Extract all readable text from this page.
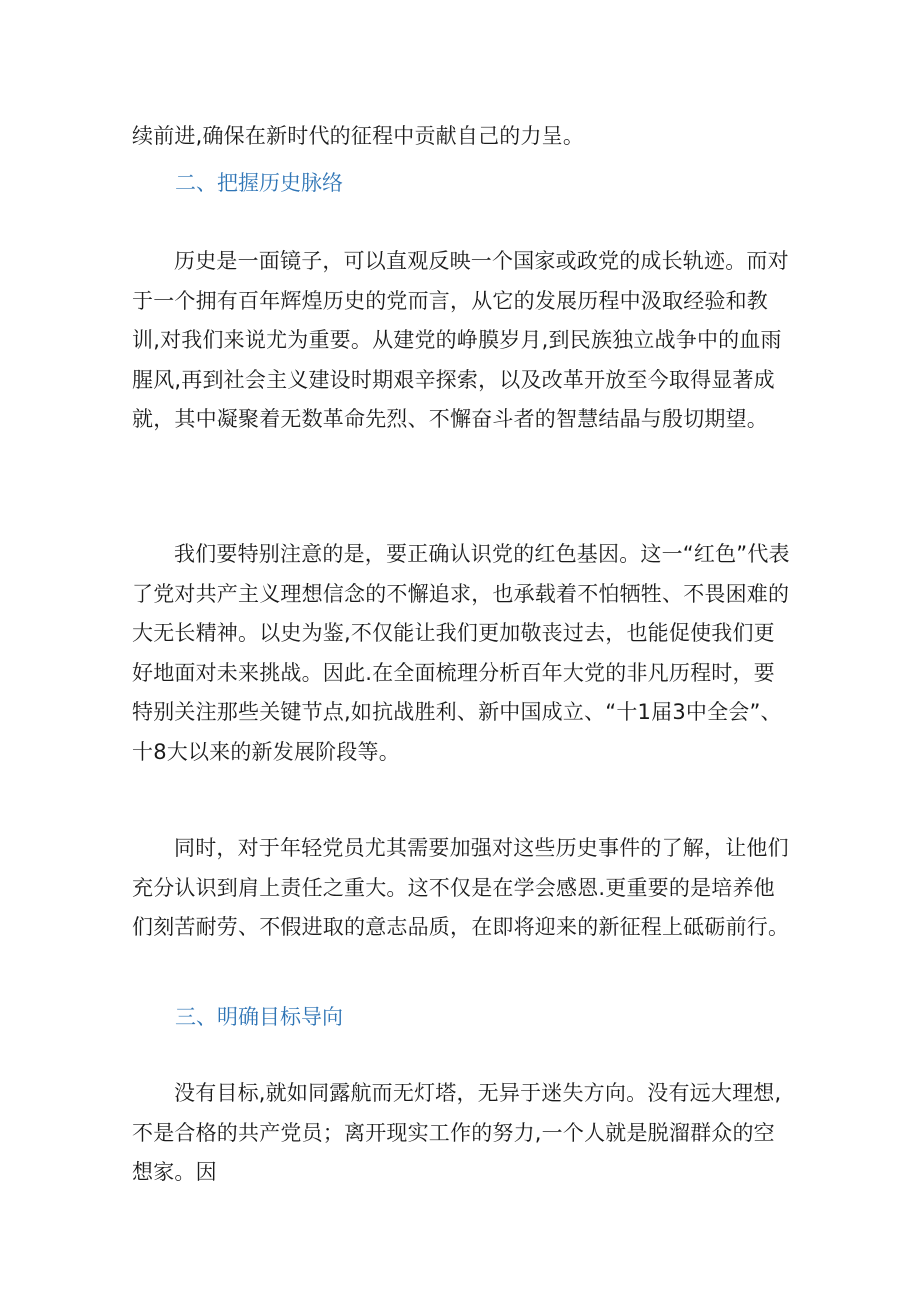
续前进,确保在新时代的征程中贡献自己的力呈。

二、把握历史脉络

历史是一面镜子，可以直观反映一个国家或政党的成长轨迹。而对于一个拥有百年辉煌历史的党而言，从它的发展历程中汲取经验和教训,对我们来说尤为重要。从建党的峥膜岁月,到民族独立战争中的血雨腥风,再到社会主义建设时期艰辛探索，以及改革开放至今取得显著成就，其中凝聚着无数革命先烈、不懈奋斗者的智慧结晶与殷切期望。

我们要特别注意的是，要正确认识党的红色基因。这一“红色”代表了党对共产主义理想信念的不懈追求，也承载着不怕牺牲、不畏困难的大无长精神。以史为鉴,不仅能让我们更加敬丧过去，也能促使我们更好地面对未来挑战。因此.在全面梳理分析百年大党的非凡历程时，要特别关注那些关键节点,如抗战胜利、新中国成立、“十1届3中全会”、十8大以来的新发展阶段等。

同时，对于年轻党员尤其需要加强对这些历史事件的了解，让他们充分认识到肩上责任之重大。这不仅是在学会感恩.更重要的是培养他们刻苦耐劳、不假进取的意志品质，在即将迎来的新征程上砥砺前行。

三、明确目标导向

没有目标,就如同露航而无灯塔，无异于迷失方向。没有远大理想,不是合格的共产党员；离开现实工作的努力,一个人就是脱溜群众的空想家。因
